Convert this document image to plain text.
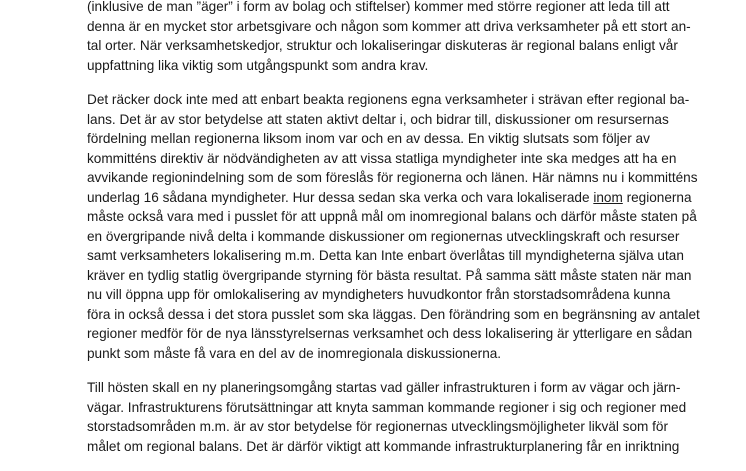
(inklusive de man ”äger” i form av bolag och stiftelser) kommer med större regioner att leda till att
denna är en mycket stor arbetsgivare och någon som kommer att driva verksamheter på ett stort an-
tal orter. När verksamhetskedjor, struktur och lokaliseringar diskuteras är regional balans enligt vår
uppfattning lika viktig som utgångspunkt som andra krav.

Det räcker dock inte med att enbart beakta regionens egna verksamheter i strävan efter regional ba-
lans. Det är av stor betydelse att staten aktivt deltar i, och bidrar till, diskussioner om resursernas
fördelning mellan regionerna liksom inom var och en av dessa. En viktig slutsats som följer av
kommitténs direktiv är nödvändigheten av att vissa statliga myndigheter inte ska medges att ha en
avvikande regionindelning som de som föreslås för regionerna och länen. Här nämns nu i kommitténs
underlag 16 sådana myndigheter. Hur dessa sedan ska verka och vara lokaliserade inom regionerna
måste också vara med i pusslet för att uppnå mål om inomregional balans och därför måste staten på
en övergripande nivå delta i kommande diskussioner om regionernas utvecklingskraft och resurser
samt verksamheters lokalisering m.m. Detta kan Inte enbart överlåtas till myndigheterna själva utan
kräver en tydlig statlig övergripande styrning för bästa resultat. På samma sätt måste staten när man
nu vill öppna upp för omlokalisering av myndigheters huvudkontor från storstadsområdena kunna
föra in också dessa i det stora pusslet som ska läggas. Den förändring som en begränsning av antalet
regioner medför för de nya länsstyrelsernas verksamhet och dess lokalisering är ytterligare en sådan
punkt som måste få vara en del av de inomregionala diskussionerna.

Till hösten skall en ny planeringsomgång startas vad gäller infrastrukturen i form av vägar och järn-
vägar. Infrastrukturens förutsättningar att knyta samman kommande regioner i sig och regioner med
storstadsområden m.m. är av stor betydelse för regionernas utvecklingsmöjligheter likväl som för
målet om regional balans. Det är därför viktigt att kommande infrastrukturplanering får en inriktning
